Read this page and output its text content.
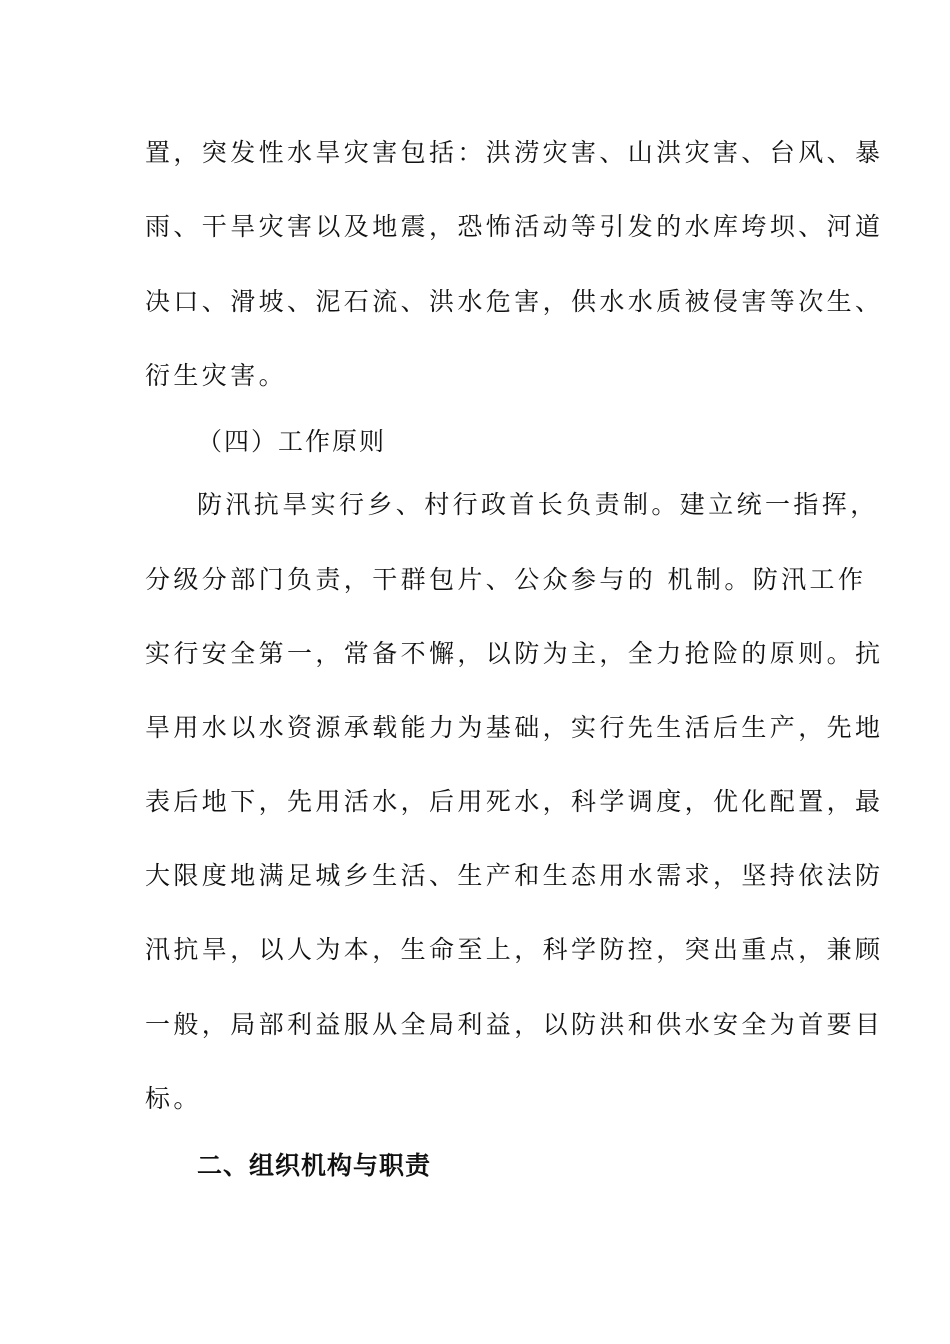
置，突发性水旱灾害包括：洪涝灾害、山洪灾害、台风、暴
雨、干旱灾害以及地震，恐怖活动等引发的水库垮坝、河道
决口、滑坡、泥石流、洪水危害，供水水质被侵害等次生、
衍生灾害。
（四）工作原则
防汛抗旱实行乡、村行政首长负责制。建立统一指挥，
分级分部门负责，干群包片、公众参与的 机制。防汛工作
实行安全第一，常备不懈，以防为主，全力抢险的原则。抗
旱用水以水资源承载能力为基础，实行先生活后生产，先地
表后地下，先用活水，后用死水，科学调度，优化配置，最
大限度地满足城乡生活、生产和生态用水需求，坚持依法防
汛抗旱，以人为本，生命至上，科学防控，突出重点，兼顾
一般，局部利益服从全局利益，以防洪和供水安全为首要目
标。
二、组织机构与职责
